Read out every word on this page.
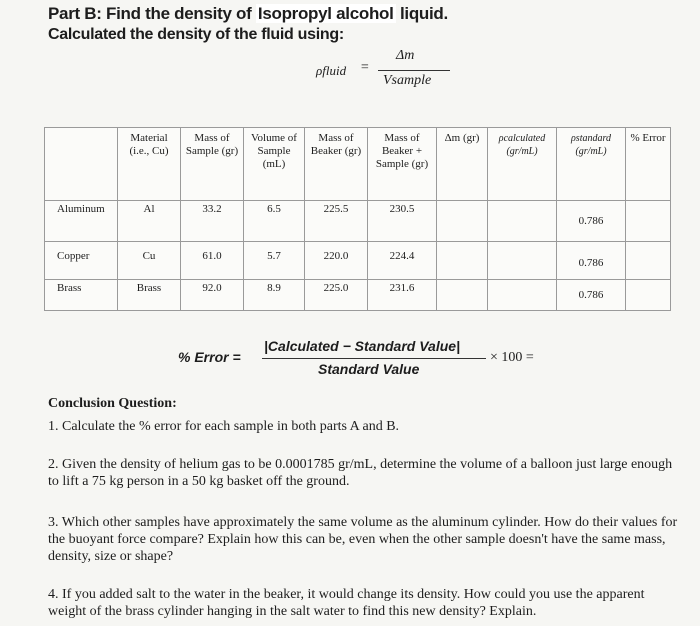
Part B: Find the density of Isopropyl alcohol liquid.
Calculated the density of the fluid using:
ρfluid =
Δm
Vsample
	Material (i.e., Cu)	Mass of Sample (gr)	Volume of Sample (mL)	Mass of Beaker (gr)	Mass of Beaker + Sample (gr)	Δm (gr)	ρcalculated (gr/mL)	ρstandard (gr/mL)	% Error
Aluminum	Al	33.2	6.5	225.5	230.5			0.786	
Copper	Cu	61.0	5.7	220.0	224.4			0.786	
Brass	Brass	92.0	8.9	225.0	231.6			0.786	
% Error =
|Calculated − Standard Value|
Standard Value
× 100 =
Conclusion Question:
1. Calculate the % error for each sample in both parts A and B.
2. Given the density of helium gas to be 0.0001785 gr/mL, determine the volume of a balloon just large enough to lift a 75 kg person in a 50 kg basket off the ground.
3. Which other samples have approximately the same volume as the aluminum cylinder. How do their values for the buoyant force compare? Explain how this can be, even when the other sample doesn't have the same mass, density, size or shape?
4. If you added salt to the water in the beaker, it would change its density. How could you use the apparent weight of the brass cylinder hanging in the salt water to find this new density? Explain.
